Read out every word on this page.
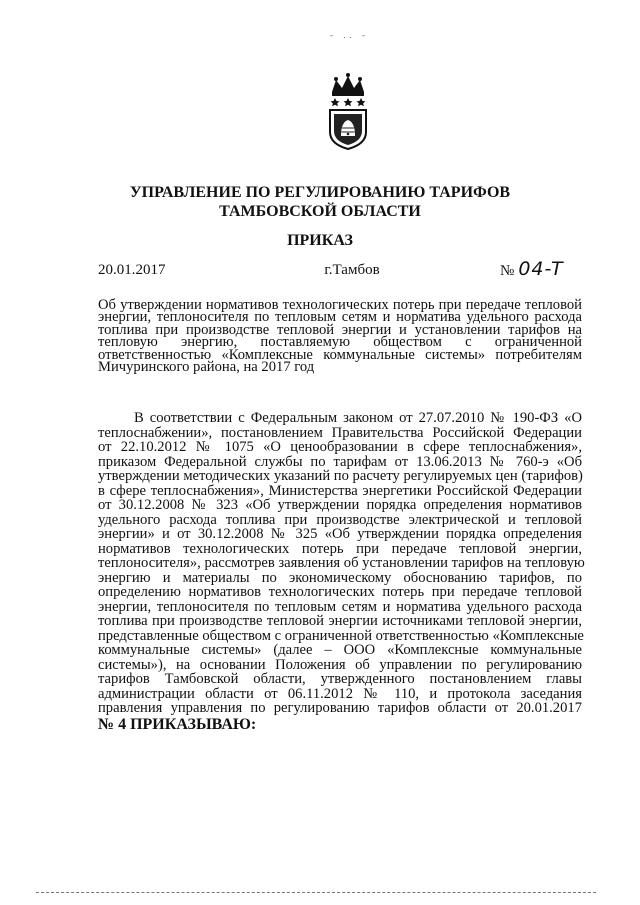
- .. -
УПРАВЛЕНИЕ ПО РЕГУЛИРОВАНИЮ ТАРИФОВ
ТАМБОВСКОЙ ОБЛАСТИ
ПРИКАЗ
20.01.2017	г.Тамбов	№ 04-T
Об утверждении нормативов технологических потерь при передаче тепловой
энергии, теплоносителя по тепловым сетям и норматива удельного расхода
топлива при производстве тепловой энергии и установлении тарифов на
тепловую энергию, поставляемую обществом с ограниченной
ответственностью «Комплексные коммунальные системы» потребителям
Мичуринского района, на 2017 год
В соответствии с Федеральным законом от 27.07.2010 № 190-ФЗ «О
теплоснабжении», постановлением Правительства Российской Федерации
от 22.10.2012 № 1075 «О ценообразовании в сфере теплоснабжения»,
приказом Федеральной службы по тарифам от 13.06.2013 № 760-э «Об
утверждении методических указаний по расчету регулируемых цен (тарифов)
в сфере теплоснабжения», Министерства энергетики Российской Федерации
от 30.12.2008 № 323 «Об утверждении порядка определения нормативов
удельного расхода топлива при производстве электрической и тепловой
энергии» и от 30.12.2008 № 325 «Об утверждении порядка определения
нормативов технологических потерь при передаче тепловой энергии,
теплоносителя», рассмотрев заявления об установлении тарифов на тепловую
энергию и материалы по экономическому обоснованию тарифов, по
определению нормативов технологических потерь при передаче тепловой
энергии, теплоносителя по тепловым сетям и норматива удельного расхода
топлива при производстве тепловой энергии источниками тепловой энергии,
представленные обществом с ограниченной ответственностью «Комплексные
коммунальные системы» (далее – ООО «Комплексные коммунальные
системы»), на основании Положения об управлении по регулированию
тарифов Тамбовской области, утвержденного постановлением главы
администрации области от 06.11.2012 № 110, и протокола заседания
правления управления по регулированию тарифов области от 20.01.2017
№ 4 ПРИКАЗЫВАЮ:
